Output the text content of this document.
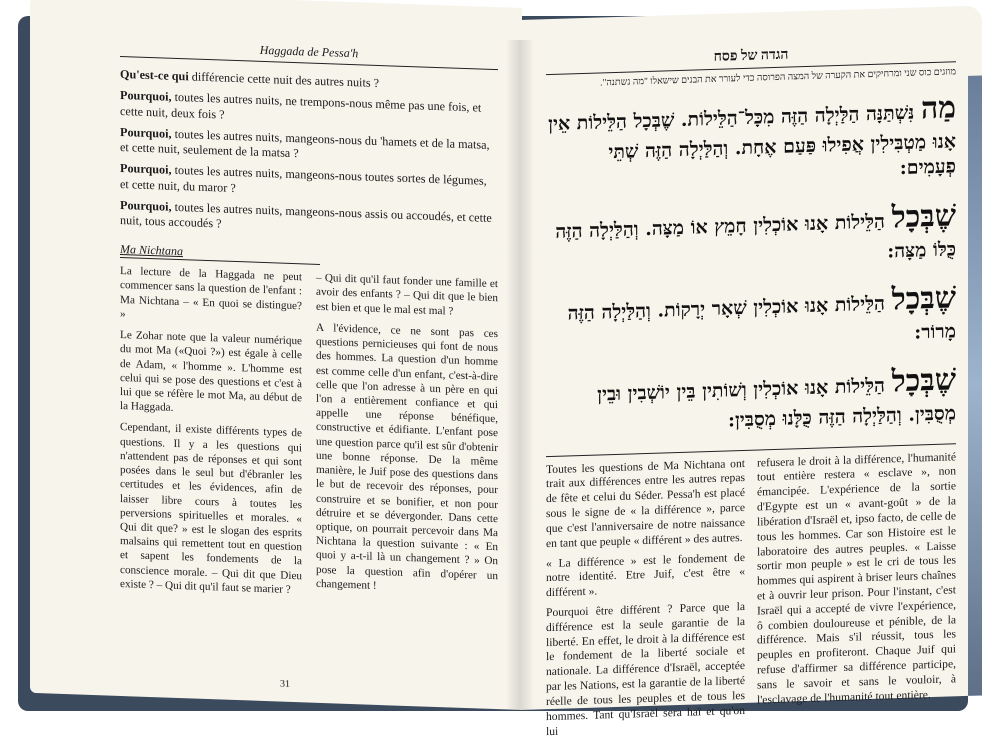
Haggada de Pessa'h

Qu'est-ce qui différencie cette nuit des autres nuits ?

Pourquoi, toutes les autres nuits, ne trempons-nous même pas une fois, et cette nuit, deux fois ?

Pourquoi, toutes les autres nuits, mangeons-nous du 'hamets et de la matsa, et cette nuit, seulement de la matsa ?

Pourquoi, toutes les autres nuits, mangeons-nous toutes sortes de légumes, et cette nuit, du maror ?

Pourquoi, toutes les autres nuits, mangeons-nous assis ou accoudés, et cette nuit, tous accoudés ?

Ma Nichtana

La lecture de la Haggada ne peut commencer sans la question de l'enfant : Ma Nichtana – « En quoi se distingue? »

Le Zohar note que la valeur numérique du mot Ma («Quoi ?») est égale à celle de Adam, « l'homme ». L'homme est celui qui se pose des questions et c'est à lui que se réfère le mot Ma, au début de la Haggada.

Cependant, il existe différents types de questions. Il y a les questions qui n'attendent pas de réponses et qui sont posées dans le seul but d'ébranler les certitudes et les évidences, afin de laisser libre cours à toutes les perversions spirituelles et morales. « Qui dit que? » est le slogan des esprits malsains qui remettent tout en question et sapent les fondements de la conscience morale. – Qui dit que Dieu existe ? – Qui dit qu'il faut se marier ?

– Qui dit qu'il faut fonder une famille et avoir des enfants ? – Qui dit que le bien est bien et que le mal est mal ?

A l'évidence, ce ne sont pas ces questions pernicieuses qui font de nous des hommes. La question d'un homme est comme celle d'un enfant, c'est-à-dire celle que l'on adresse à un père en qui l'on a entièrement confiance et qui appelle une réponse bénéfique, constructive et édifiante. L'enfant pose une question parce qu'il est sûr d'obtenir une bonne réponse. De la même manière, le Juif pose des questions dans le but de recevoir des réponses, pour construire et se bonifier, et non pour détruire et se dévergonder. Dans cette optique, on pourrait percevoir dans Ma Nichtana la question suivante : « En quoi y a-t-il là un changement ? » On pose la question afin d'opérer un changement !

31
הגדה של פסח
מוזגים כוס שני ומרחיקים את הקערה של המצה הפרוסה כדי לעורר את הבנים שישאלו "מה נשתנה".

מַה נִּשְׁתַּנָּה הַלַּיְלָה הַזֶּה מִכָּל־הַלֵּילוֹת. שֶׁבְּכָל הַלֵּילוֹת אֵין אָנוּ מַטְבִּילִין אֲפִילוּ פַּעַם אֶחָת. וְהַלַּיְלָה הַזֶּה שְׁתֵּי פְעָמִים:

שֶׁבְּכָל הַלֵּילוֹת אָנוּ אוֹכְלִין חָמֵץ אוֹ מַצָּה. וְהַלַּיְלָה הַזֶּה כֻּלּוֹ מַצָּה:

שֶׁבְּכָל הַלֵּילוֹת אָנוּ אוֹכְלִין שְׁאָר יְרָקוֹת. וְהַלַּיְלָה הַזֶּה מָרוֹר:

שֶׁבְּכָל הַלֵּילוֹת אָנוּ אוֹכְלִין וְשׁוֹתִין בֵּין יוֹשְׁבִין וּבֵין מְסֻבִּין. וְהַלַּיְלָה הַזֶּה כֻּלָּנוּ מְסֻבִּין:

Toutes les questions de Ma Nichtana ont trait aux différences entre les autres repas de fête et celui du Séder. Pessa'h est placé sous le signe de « la différence », parce que c'est l'anniversaire de notre naissance en tant que peuple « différent » des autres.

« La différence » est le fondement de notre identité. Etre Juif, c'est être « différent ».

Pourquoi être différent ? Parce que la différence est la seule garantie de la liberté. En effet, le droit à la différence est le fondement de la liberté sociale et nationale. La différence d'Israël, acceptée par les Nations, est la garantie de la liberté réelle de tous les peuples et de tous les hommes. Tant qu'Israël sera haï et qu'on lui

refusera le droit à la différence, l'humanité tout entière restera « esclave », non émancipée. L'expérience de la sortie d'Egypte est un « avant-goût » de la libération d'Israël et, ipso facto, de celle de tous les hommes. Car son Histoire est le laboratoire des autres peuples. « Laisse sortir mon peuple » est le cri de tous les hommes qui aspirent à briser leurs chaînes et à ouvrir leur prison. Pour l'instant, c'est Israël qui a accepté de vivre l'expérience, ô combien douloureuse et pénible, de la différence. Mais s'il réussit, tous les peuples en profiteront. Chaque Juif qui refuse d'affirmer sa différence participe, sans le savoir et sans le vouloir, à l'esclavage de l'humanité tout entière.
